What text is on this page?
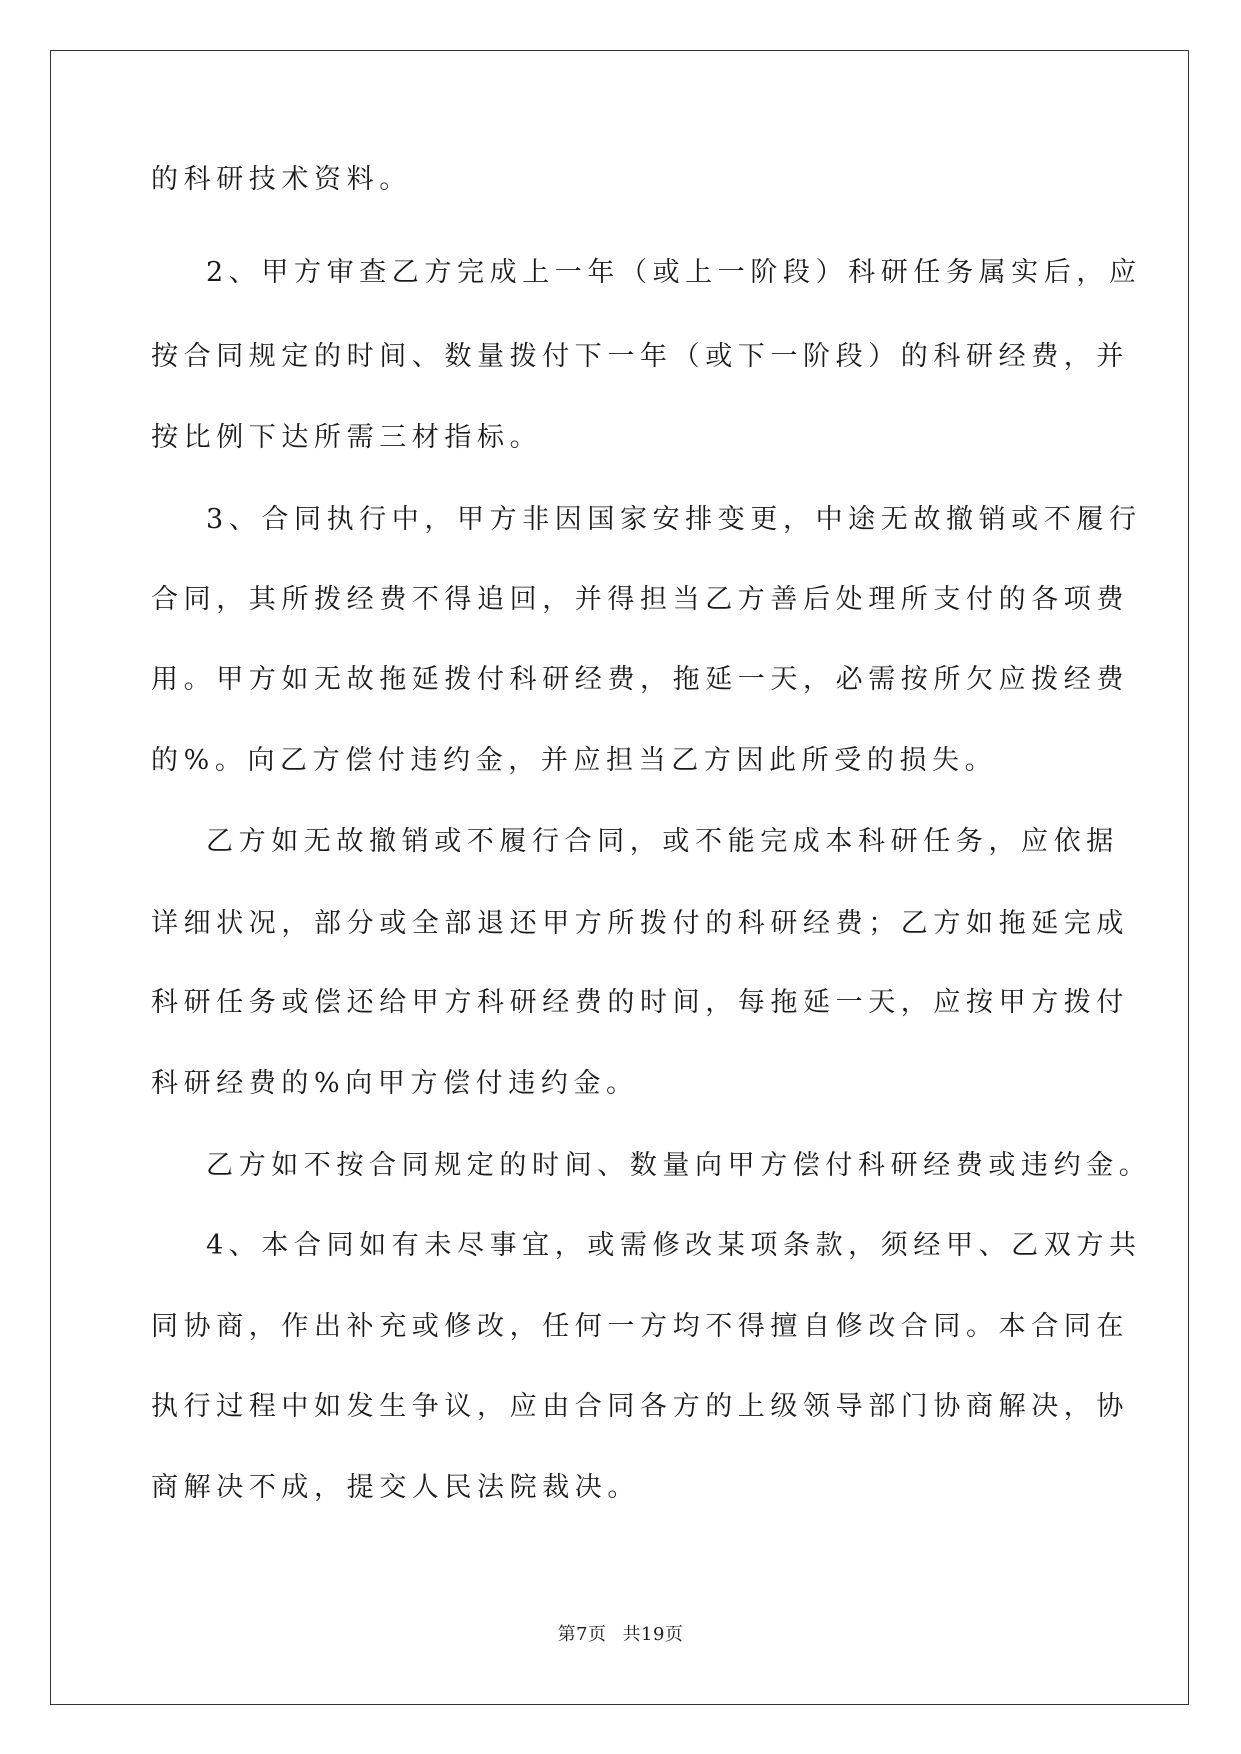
的科研技术资料。
2、甲方审查乙方完成上一年（或上一阶段）科研任务属实后，应
按合同规定的时间、数量拨付下一年（或下一阶段）的科研经费，并
按比例下达所需三材指标。
3、合同执行中，甲方非因国家安排变更，中途无故撤销或不履行
合同，其所拨经费不得追回，并得担当乙方善后处理所支付的各项费
用。甲方如无故拖延拨付科研经费，拖延一天，必需按所欠应拨经费
的%。向乙方偿付违约金，并应担当乙方因此所受的损失。
乙方如无故撤销或不履行合同，或不能完成本科研任务，应依据
详细状况，部分或全部退还甲方所拨付的科研经费；乙方如拖延完成
科研任务或偿还给甲方科研经费的时间，每拖延一天，应按甲方拨付
科研经费的%向甲方偿付违约金。
乙方如不按合同规定的时间、数量向甲方偿付科研经费或违约金。
4、本合同如有未尽事宜，或需修改某项条款，须经甲、乙双方共
同协商，作出补充或修改，任何一方均不得擅自修改合同。本合同在
执行过程中如发生争议，应由合同各方的上级领导部门协商解决，协
商解决不成，提交人民法院裁决。
第7页 共19页
